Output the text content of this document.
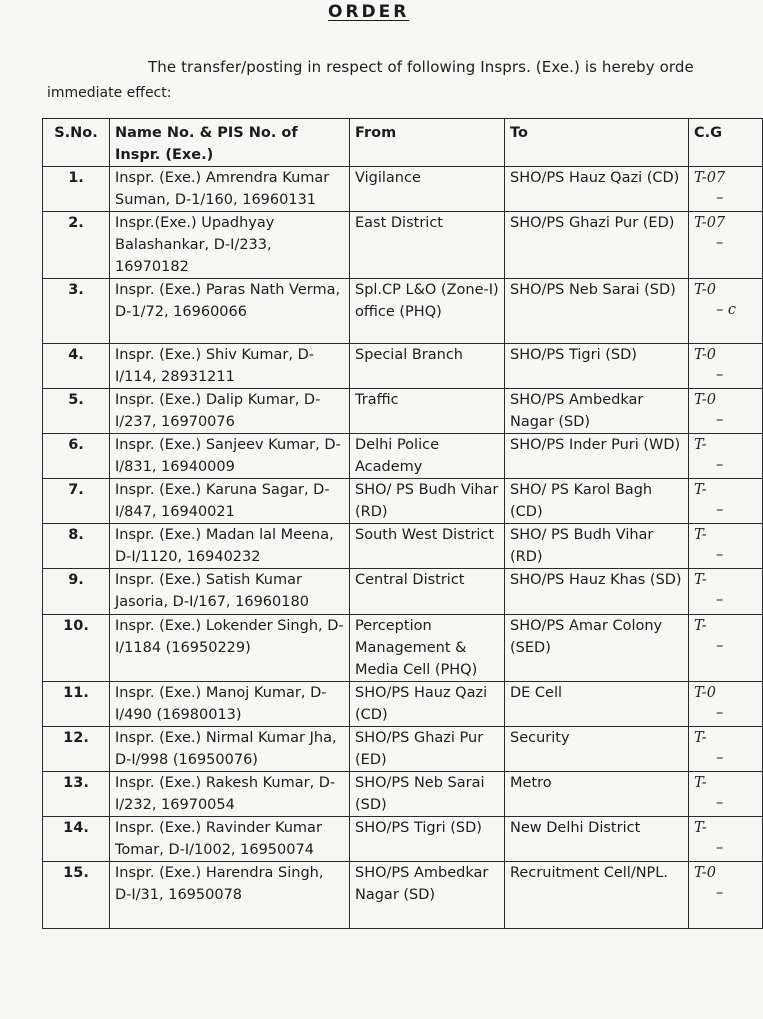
ORDER
The transfer/posting in respect of following Insprs. (Exe.) is hereby orde
immediate effect:
S.No.	Name No. & PIS No. of Inspr. (Exe.)	From	To	C.G
1.	Inspr. (Exe.) Amrendra Kumar Suman, D-1/160, 16960131	Vigilance	SHO/PS Hauz Qazi (CD)	T-07
–

2.	Inspr.(Exe.) Upadhyay Balashankar, D-I/233, 16970182	East District	SHO/PS Ghazi Pur (ED)	T-07
–

3.	Inspr. (Exe.) Paras Nath Verma, D-1/72, 16960066	Spl.CP L&O (Zone-I) office (PHQ)	SHO/PS Neb Sarai (SD)	T-0
– c

4.	Inspr. (Exe.) Shiv Kumar, D-I/114, 28931211	Special Branch	SHO/PS Tigri (SD)	T-0
–

5.	Inspr. (Exe.) Dalip Kumar, D-I/237, 16970076	Traffic	SHO/PS Ambedkar Nagar (SD)	T-0
–

6.	Inspr. (Exe.) Sanjeev Kumar, D-I/831, 16940009	Delhi Police Academy	SHO/PS Inder Puri (WD)	T-
–

7.	Inspr. (Exe.) Karuna Sagar, D-I/847, 16940021	SHO/ PS Budh Vihar (RD)	SHO/ PS Karol Bagh (CD)	T-
–

8.	Inspr. (Exe.) Madan lal Meena, D-I/1120, 16940232	South West District	SHO/ PS Budh Vihar (RD)	T-
–

9.	Inspr. (Exe.) Satish Kumar Jasoria, D-I/167, 16960180	Central District	SHO/PS Hauz Khas (SD)	T-
–

10.	Inspr. (Exe.) Lokender Singh, D-I/1184 (16950229)	Perception Management & Media Cell (PHQ)	SHO/PS Amar Colony (SED)	T-
–

11.	Inspr. (Exe.) Manoj Kumar, D-I/490 (16980013)	SHO/PS Hauz Qazi (CD)	DE Cell	T-0
–

12.	Inspr. (Exe.) Nirmal Kumar Jha, D-I/998 (16950076)	SHO/PS Ghazi Pur (ED)	Security	T-
–

13.	Inspr. (Exe.) Rakesh Kumar, D-I/232, 16970054	SHO/PS Neb Sarai (SD)	Metro	T-
–

14.	Inspr. (Exe.) Ravinder Kumar Tomar, D-I/1002, 16950074	SHO/PS Tigri (SD)	New Delhi District	T-
–

15.	Inspr. (Exe.) Harendra Singh, D-I/31, 16950078	SHO/PS Ambedkar Nagar (SD)	Recruitment Cell/NPL.	T-0
–
